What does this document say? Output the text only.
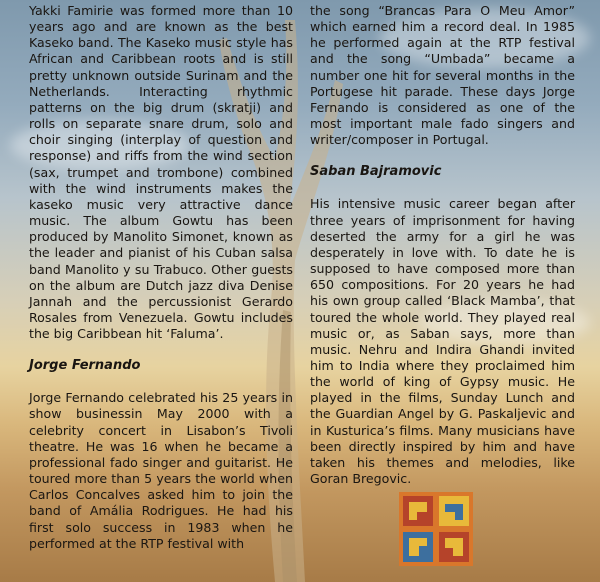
Yakki Famirie was formed more than 10 years ago and are known as the best Kaseko band. The Kaseko music style has African and Caribbean roots and is still pretty unknown outside Surinam and the Netherlands. Interacting rhythmic patterns on the big drum (skratji) and rolls on separate snare drum, solo and choir singing (interplay of question and response) and riffs from the wind section (sax, trumpet and trombone) combined with the wind instruments makes the kaseko music very attractive dance music. The album Gowtu has been produced by Manolito Simonet, known as the leader and pianist of his Cuban salsa band Manolito y su Trabuco. Other guests on the album are Dutch jazz diva Denise Jannah and the percussionist Gerardo Rosales from Venezuela. Gowtu includes the big Caribbean hit ‘Faluma’.

Jorge Fernando

Jorge Fernando celebrated his 25 years in show businessin May 2000 with a celebrity concert in Lisabon’s Tivoli theatre. He was 16 when he became a professional fado singer and guitarist. He toured more than 5 years the world when Carlos Concalves asked him to join the band of Amália Rodrigues. He had his first solo success in 1983 when he performed at the RTP festival with

the song “Brancas Para O Meu Amor” which earned him a record deal. In 1985 he performed again at the RTP festival and the song “Umbada” became a number one hit for several months in the Portugese hit parade. These days Jorge Fernando is considered as one of the most important male fado singers and writer/composer in Portugal.

Saban Bajramovic

His intensive music career began after three years of imprisonment for having deserted the army for a girl he was desperately in love with. To date he is supposed to have composed more than 650 compositions. For 20 years he had his own group called ‘Black Mamba’, that toured the whole world. They played real music or, as Saban says, more than music. Nehru and Indira Ghandi invited him to India where they proclaimed him the world of king of Gypsy music. He played in the films, Sunday Lunch and the Guardian Angel by G. Paskaljevic and in Kusturica’s films. Many musicians have been directly inspired by him and have taken his themes and melodies, like Goran Bregovic.
